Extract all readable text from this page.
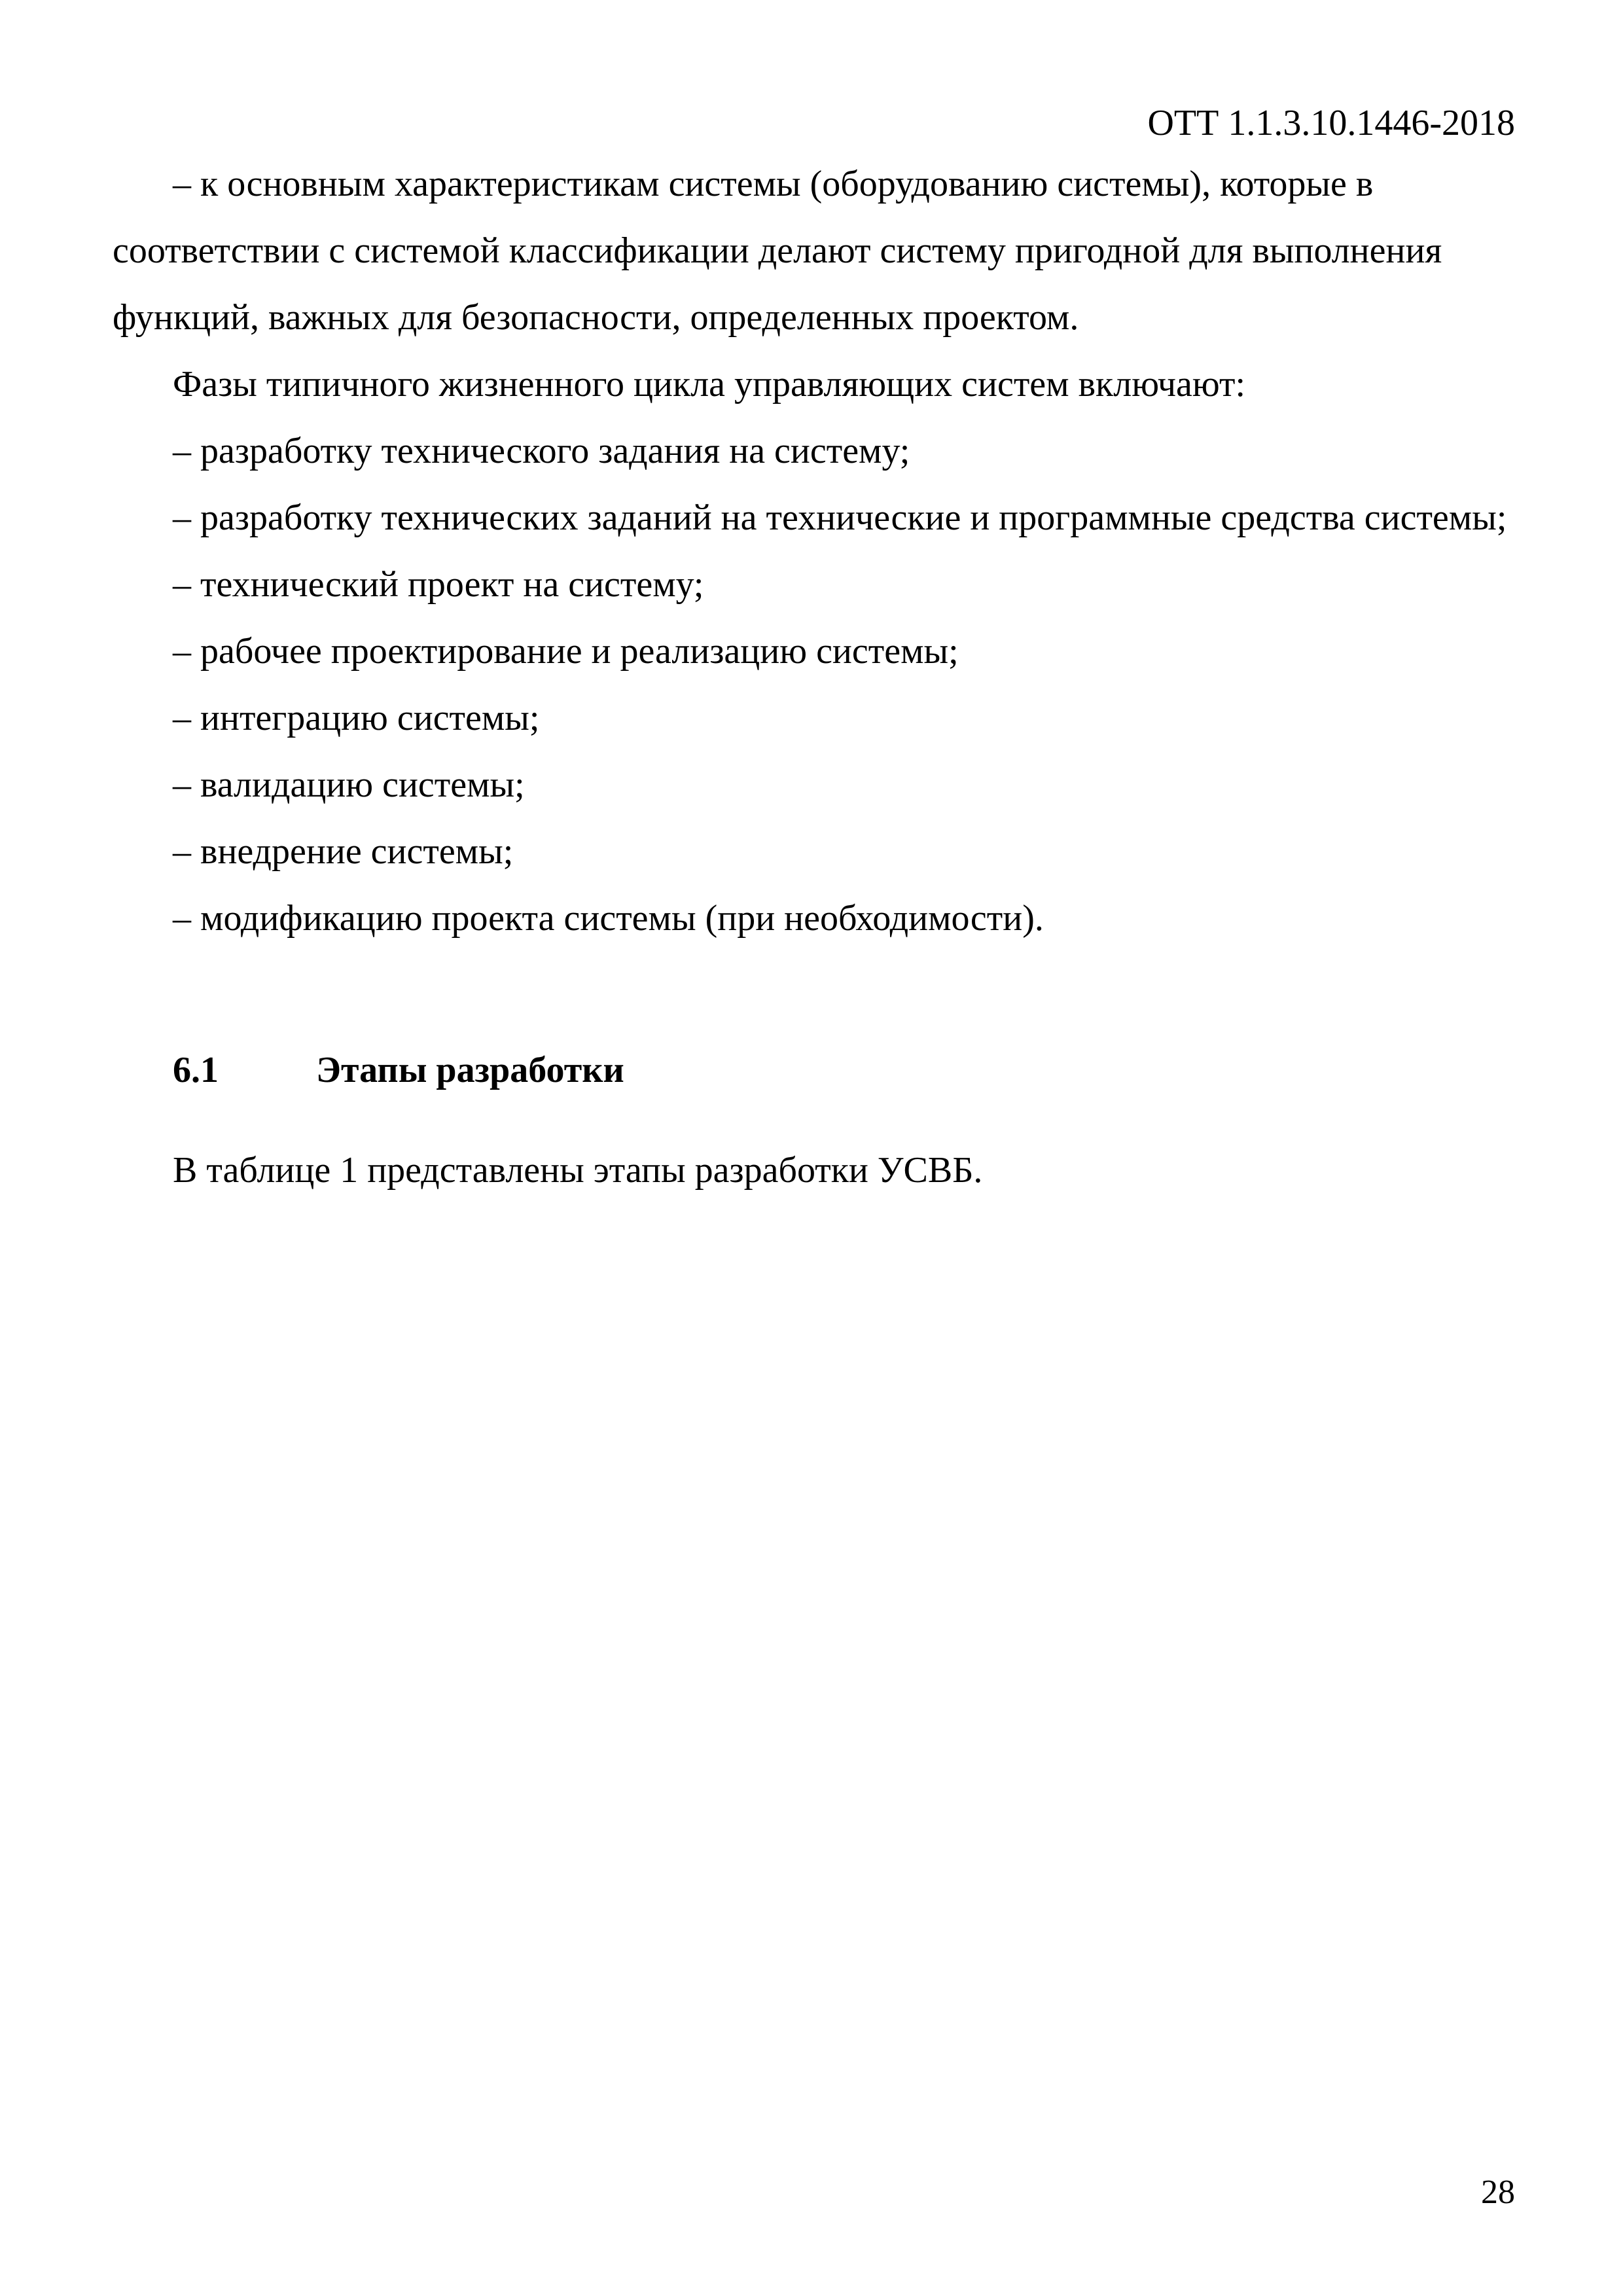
ОТТ 1.1.3.10.1446-2018

– к основным характеристикам системы (оборудованию системы), которые в соответствии с системой классификации делают систему пригодной для выполнения функций, важных для безопасности, определенных проектом.

Фазы типичного жизненного цикла управляющих систем включают:

– разработку технического задания на систему;

– разработку технических заданий на технические и программные средства системы;

– технический проект на систему;

– рабочее проектирование и реализацию системы;

– интеграцию системы;

– валидацию системы;

– внедрение системы;

– модификацию проекта системы (при необходимости).

6.1	Этапы разработки
В таблице 1 представлены этапы разработки УСВБ.
28
